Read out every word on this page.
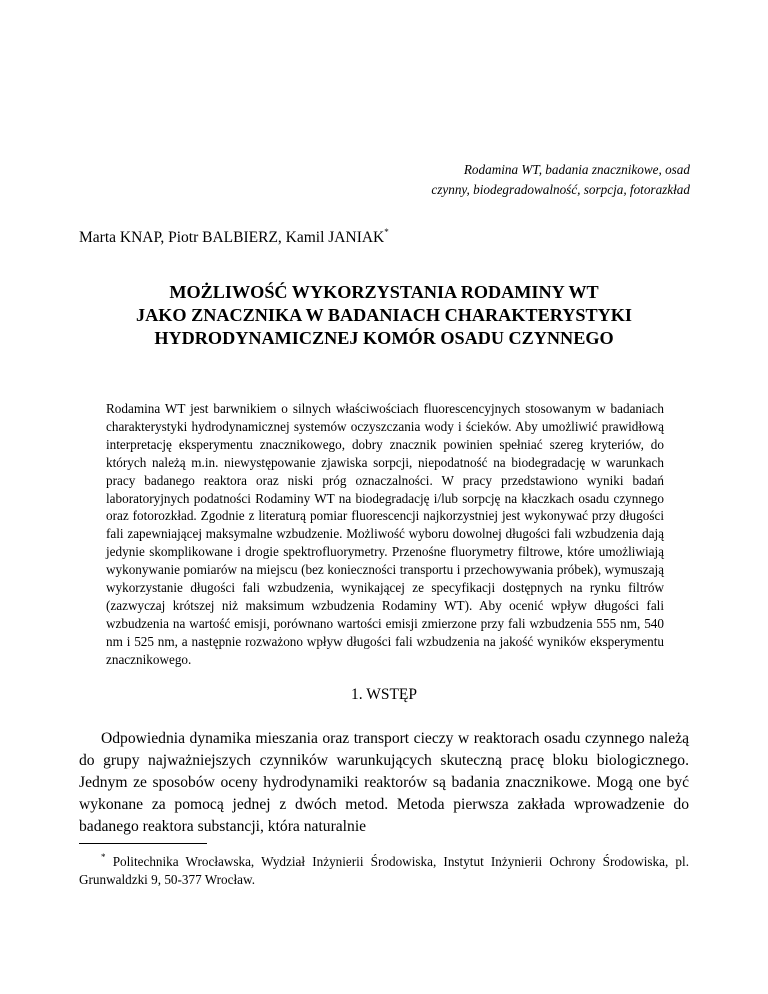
Rodamina WT, badania znacznikowe, osad
czynny, biodegradowalność, sorpcja, fotorazkład
Marta KNAP, Piotr BALBIERZ, Kamil JANIAK*
MOŻLIWOŚĆ WYKORZYSTANIA RODAMINY WT
JAKO ZNACZNIKA W BADANIACH CHARAKTERYSTYKI
HYDRODYNAMICZNEJ KOMÓR OSADU CZYNNEGO

Rodamina WT jest barwnikiem o silnych właściwościach fluorescencyjnych stosowanym w badaniach charakterystyki hydrodynamicznej systemów oczyszczania wody i ścieków. Aby umożliwić prawidłową interpretację eksperymentu znacznikowego, dobry znacznik powinien spełniać szereg kryteriów, do których należą m.in. niewystępowanie zjawiska sorpcji, niepodatność na biodegradację w warunkach pracy badanego reaktora oraz niski próg oznaczalności. W pracy przedstawiono wyniki badań laboratoryjnych podatności Rodaminy WT na biodegradację i/lub sorpcję na kłaczkach osadu czynnego oraz fotorozkład. Zgodnie z literaturą pomiar fluorescencji najkorzystniej jest wykonywać przy długości fali zapewniającej maksymalne wzbudzenie. Możliwość wyboru dowolnej długości fali wzbudzenia dają jedynie skomplikowane i drogie spektrofluorymetry. Przenośne fluorymetry filtrowe, które umożliwiają wykonywanie pomiarów na miejscu (bez konieczności transportu i przechowywania próbek), wymuszają wykorzystanie długości fali wzbudzenia, wynikającej ze specyfikacji dostępnych na rynku filtrów (zazwyczaj krótszej niż maksimum wzbudzenia Rodaminy WT). Aby ocenić wpływ długości fali wzbudzenia na wartość emisji, porównano wartości emisji zmierzone przy fali wzbudzenia 555 nm, 540 nm i 525 nm, a następnie rozważono wpływ długości fali wzbudzenia na jakość wyników eksperymentu znacznikowego.

1. WSTĘP

Odpowiednia dynamika mieszania oraz transport cieczy w reaktorach osadu czynnego należą do grupy najważniejszych czynników warunkujących skuteczną pracę bloku biologicznego. Jednym ze sposobów oceny hydrodynamiki reaktorów są badania znacznikowe. Mogą one być wykonane za pomocą jednej z dwóch metod. Metoda pierwsza zakłada wprowadzenie do badanego reaktora substancji, która naturalnie

* Politechnika Wrocławska, Wydział Inżynierii Środowiska, Instytut Inżynierii Ochrony Środowiska, pl. Grunwaldzki 9, 50-377 Wrocław.
